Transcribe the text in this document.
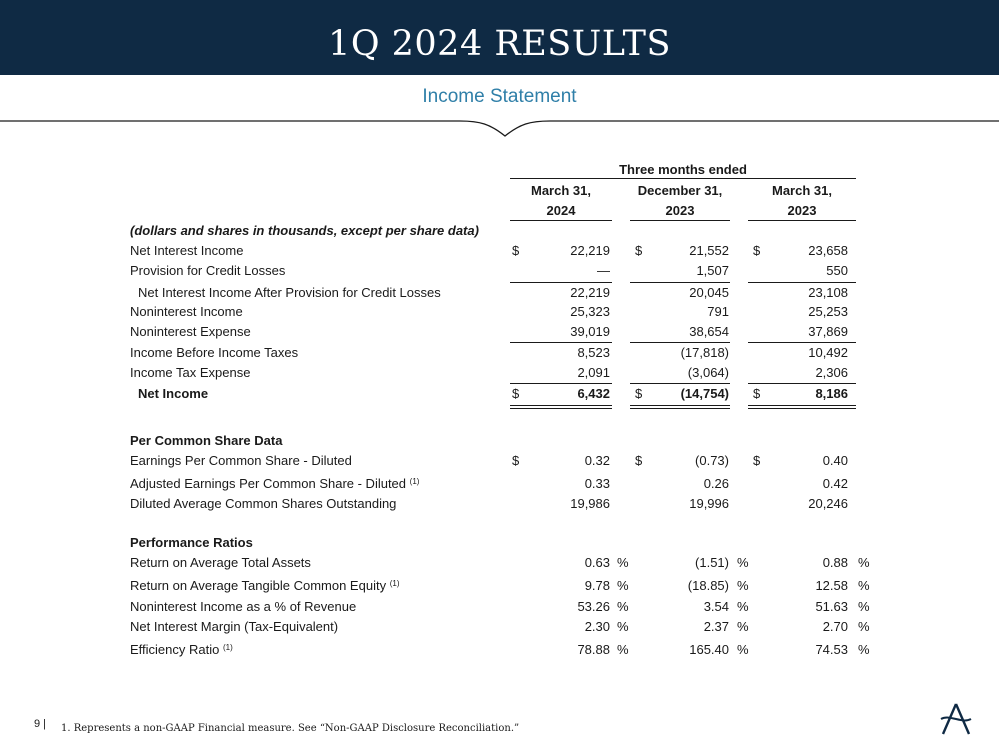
1Q 2024 RESULTS
Income Statement
Three months ended
March 31,
2024
December 31,
2023
March 31,
2023
(dollars and shares in thousands, except per share data)
Net Interest Income	$	22,219 $	21,552 $	23,658
Provision for Credit Losses	—	1,507	550
Net Interest Income After Provision for Credit Losses	22,219	20,045	23,108
Noninterest Income	25,323	791	25,253
Noninterest Expense	39,019	38,654	37,869
Income Before Income Taxes	8,523	(17,818)	10,492
Income Tax Expense	2,091	(3,064)	2,306
Net Income	$	6,432 $	(14,754) $	8,186
Per Common Share Data
Earnings Per Common Share - Diluted	$	0.32 $	(0.73) $	0.40
Adjusted Earnings Per Common Share - Diluted $^{(1)}$	0.33	0.26	0.42
Diluted Average Common Shares Outstanding	19,986	19,996	20,246
Performance Ratios
Return on Average Total Assets	0.63 %	(1.51) %	0.88 %
Return on Average Tangible Common Equity $^{(1)}$	9.78 %	(18.85) %	12.58 %
Noninterest Income as a % of Revenue	53.26 %	3.54 %	51.63 %
Net Interest Margin (Tax-Equivalent)	2.30 %	2.37 %	2.70 %
Efficiency Ratio $^{(1)}$	78.88 %	165.40 %	74.53 %
9 | 1. Represents a non-GAAP Financial measure. See “Non-GAAP Disclosure Reconciliation.”
